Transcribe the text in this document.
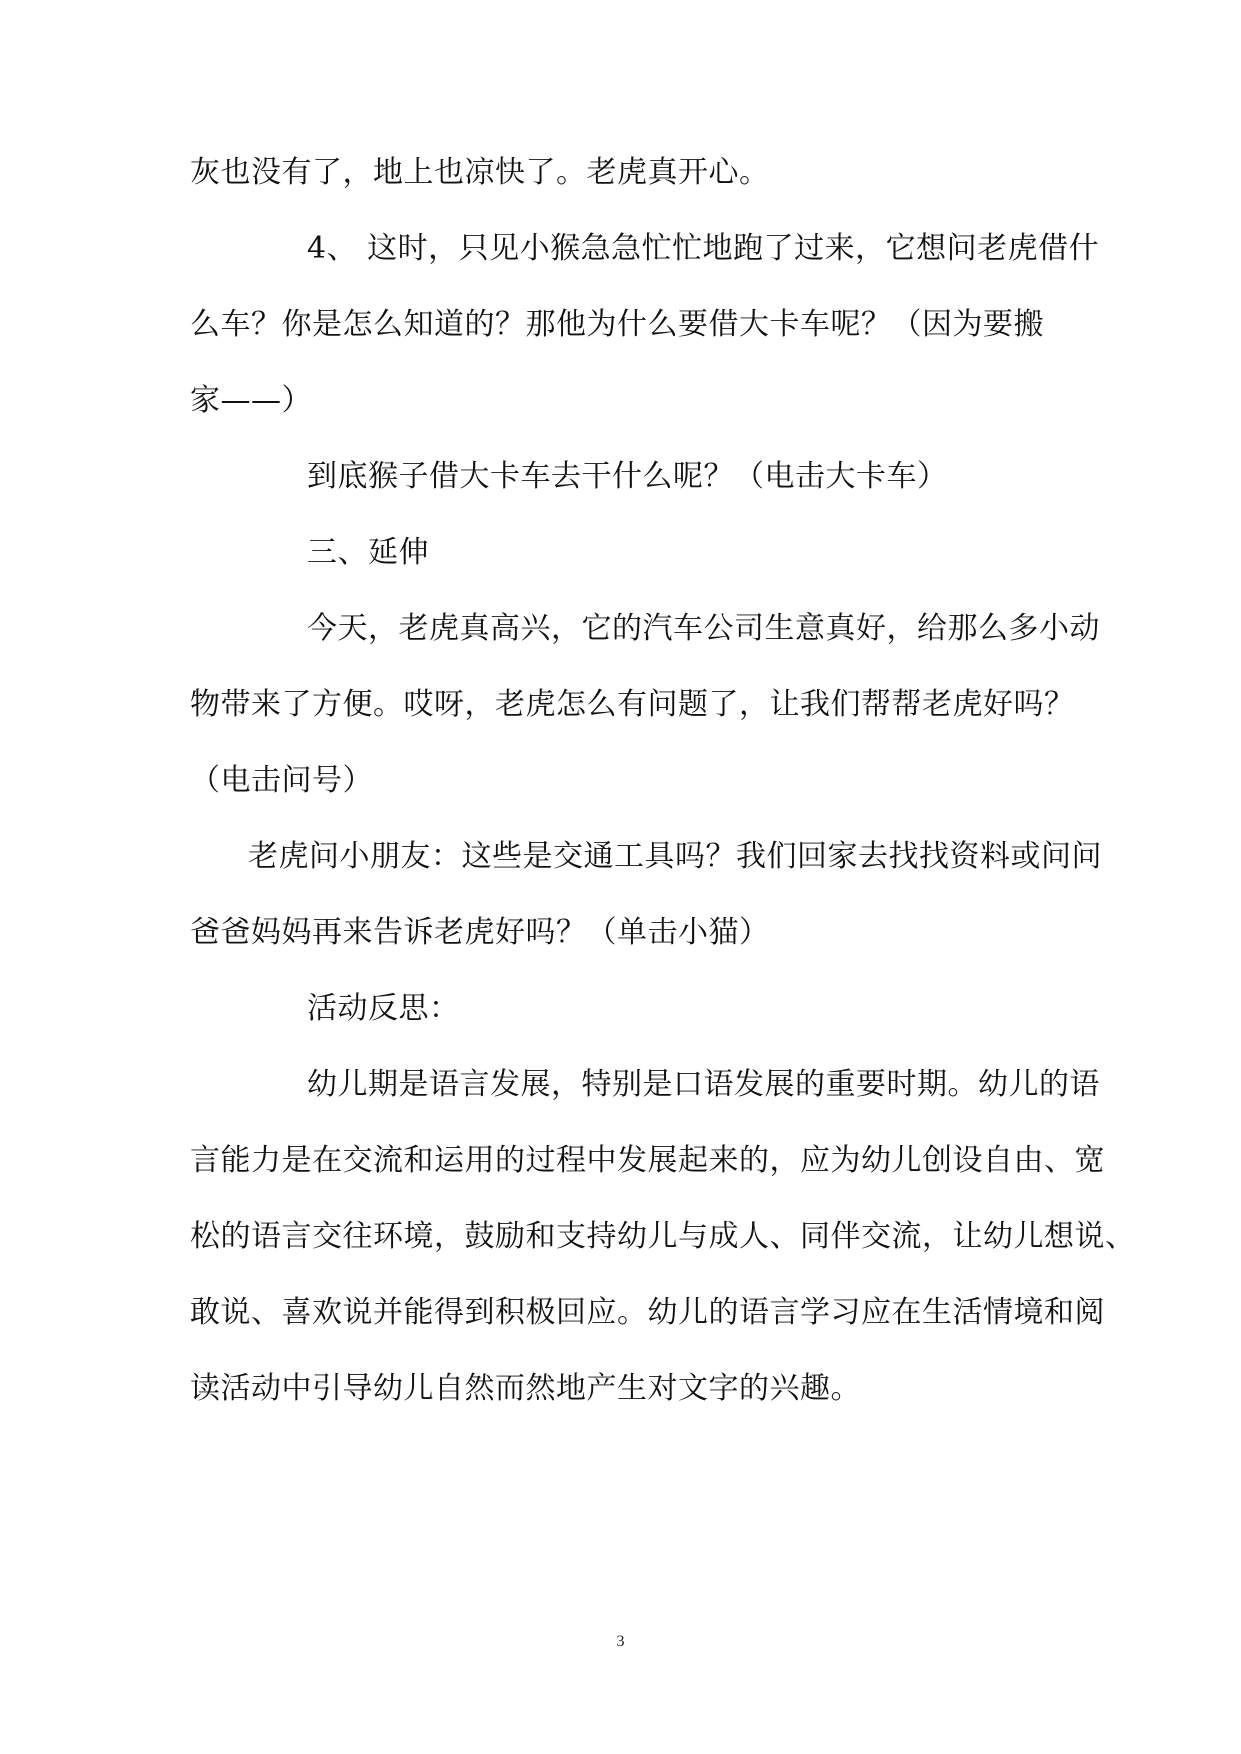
灰也没有了，地上也凉快了。老虎真开心。
4、 这时，只见小猴急急忙忙地跑了过来，它想问老虎借什
么车？你是怎么知道的？那他为什么要借大卡车呢？（因为要搬
家——）
到底猴子借大卡车去干什么呢？（电击大卡车）
三、延伸
今天，老虎真高兴，它的汽车公司生意真好，给那么多小动
物带来了方便。哎呀，老虎怎么有问题了，让我们帮帮老虎好吗？
（电击问号）
老虎问小朋友：这些是交通工具吗？我们回家去找找资料或问问
爸爸妈妈再来告诉老虎好吗？（单击小猫）
活动反思：
幼儿期是语言发展，特别是口语发展的重要时期。幼儿的语
言能力是在交流和运用的过程中发展起来的，应为幼儿创设自由、宽
松的语言交往环境，鼓励和支持幼儿与成人、同伴交流，让幼儿想说、
敢说、喜欢说并能得到积极回应。幼儿的语言学习应在生活情境和阅
读活动中引导幼儿自然而然地产生对文字的兴趣。
3
